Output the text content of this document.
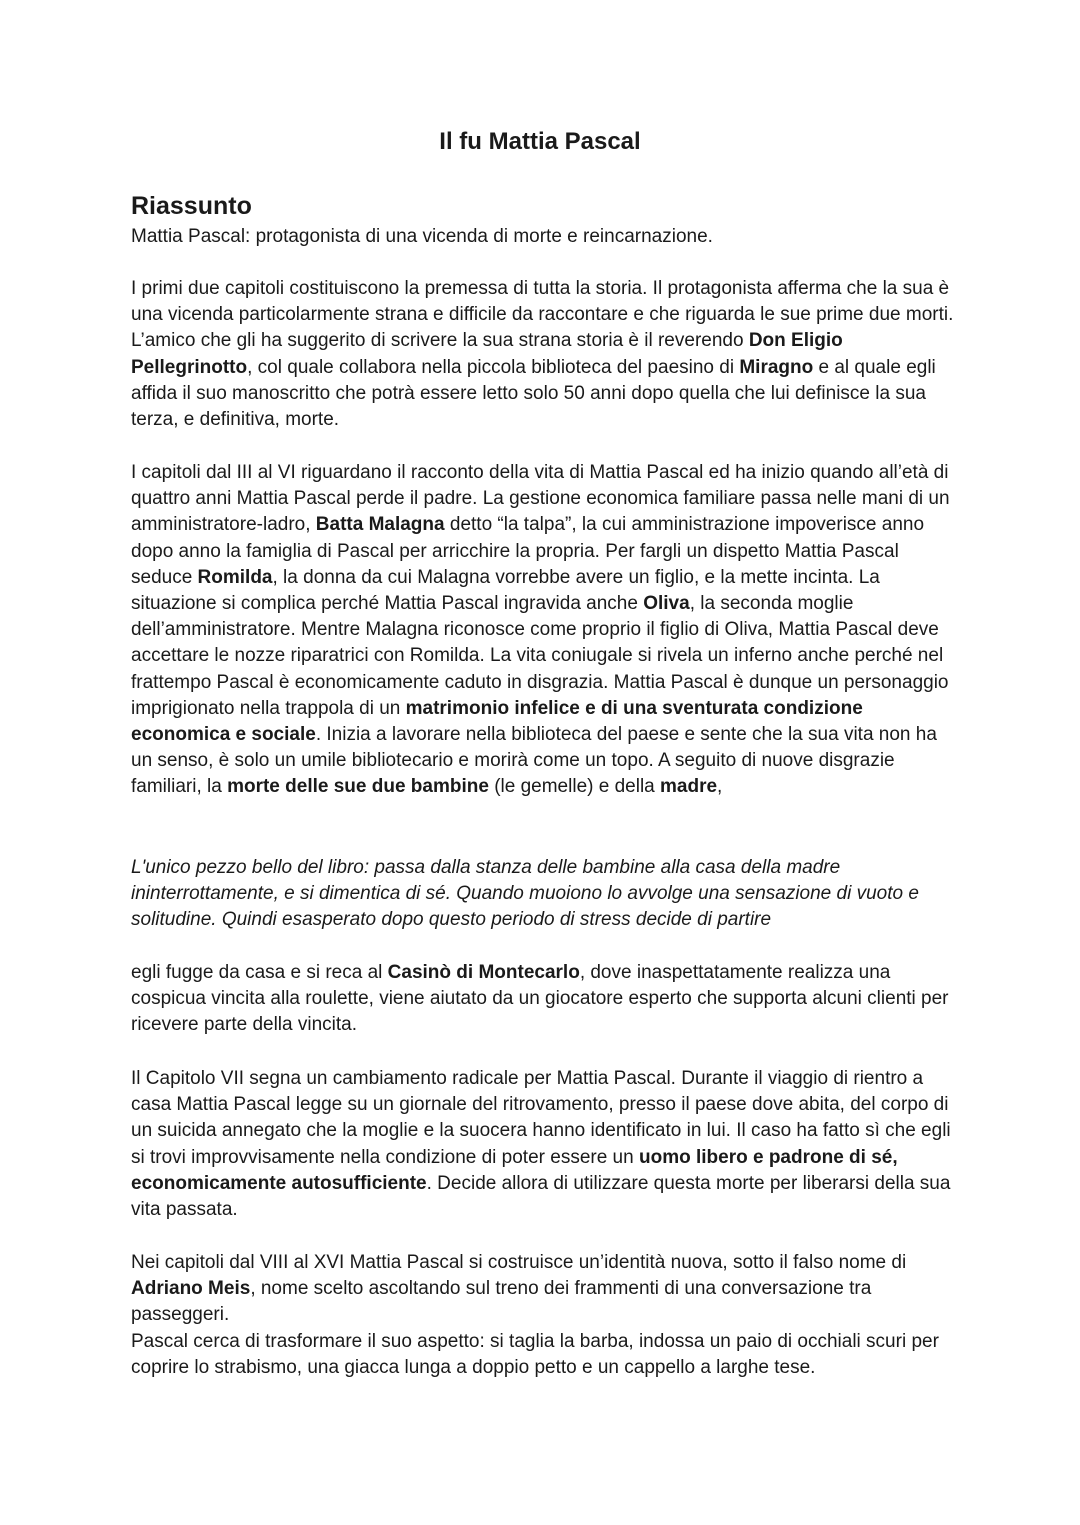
Il fu Mattia Pascal
Riassunto

Mattia Pascal: protagonista di una vicenda di morte e reincarnazione.

I primi due capitoli costituiscono la premessa di tutta la storia. Il protagonista afferma che la sua è una vicenda particolarmente strana e difficile da raccontare e che riguarda le sue prime due morti. L’amico che gli ha suggerito di scrivere la sua strana storia è il reverendo Don Eligio Pellegrinotto, col quale collabora nella piccola biblioteca del paesino di Miragno e al quale egli affida il suo manoscritto che potrà essere letto solo 50 anni dopo quella che lui definisce la sua terza, e definitiva, morte.

I capitoli dal III al VI riguardano il racconto della vita di Mattia Pascal ed ha inizio quando all’età di quattro anni Mattia Pascal perde il padre. La gestione economica familiare passa nelle mani di un amministratore-ladro, Batta Malagna detto “la talpa”, la cui amministrazione impoverisce anno dopo anno la famiglia di Pascal per arricchire la propria. Per fargli un dispetto Mattia Pascal seduce Romilda, la donna da cui Malagna vorrebbe avere un figlio, e la mette incinta. La situazione si complica perché Mattia Pascal ingravida anche Oliva, la seconda moglie dell’amministratore. Mentre Malagna riconosce come proprio il figlio di Oliva, Mattia Pascal deve accettare le nozze riparatrici con Romilda. La vita coniugale si rivela un inferno anche perché nel frattempo Pascal è economicamente caduto in disgrazia. Mattia Pascal è dunque un personaggio imprigionato nella trappola di un matrimonio infelice e di una sventurata condizione economica e sociale. Inizia a lavorare nella biblioteca del paese e sente che la sua vita non ha un senso, è solo un umile bibliotecario e morirà come un topo. A seguito di nuove disgrazie familiari, la morte delle sue due bambine (le gemelle) e della madre,

L'unico pezzo bello del libro: passa dalla stanza delle bambine alla casa della madre ininterrottamente, e si dimentica di sé. Quando muoiono lo avvolge una sensazione di vuoto e solitudine. Quindi esasperato dopo questo periodo di stress decide di partire

egli fugge da casa e si reca al Casinò di Montecarlo, dove inaspettatamente realizza una cospicua vincita alla roulette, viene aiutato da un giocatore esperto che supporta alcuni clienti per ricevere parte della vincita.

Il Capitolo VII segna un cambiamento radicale per Mattia Pascal. Durante il viaggio di rientro a casa Mattia Pascal legge su un giornale del ritrovamento, presso il paese dove abita, del corpo di un suicida annegato che la moglie e la suocera hanno identificato in lui. Il caso ha fatto sì che egli si trovi improvvisamente nella condizione di poter essere un uomo libero e padrone di sé, economicamente autosufficiente. Decide allora di utilizzare questa morte per liberarsi della sua vita passata.

Nei capitoli dal VIII al XVI Mattia Pascal si costruisce un’identità nuova, sotto il falso nome di Adriano Meis, nome scelto ascoltando sul treno dei frammenti di una conversazione tra passeggeri.

Pascal cerca di trasformare il suo aspetto: si taglia la barba, indossa un paio di occhiali scuri per coprire lo strabismo, una giacca lunga a doppio petto e un cappello a larghe tese.
